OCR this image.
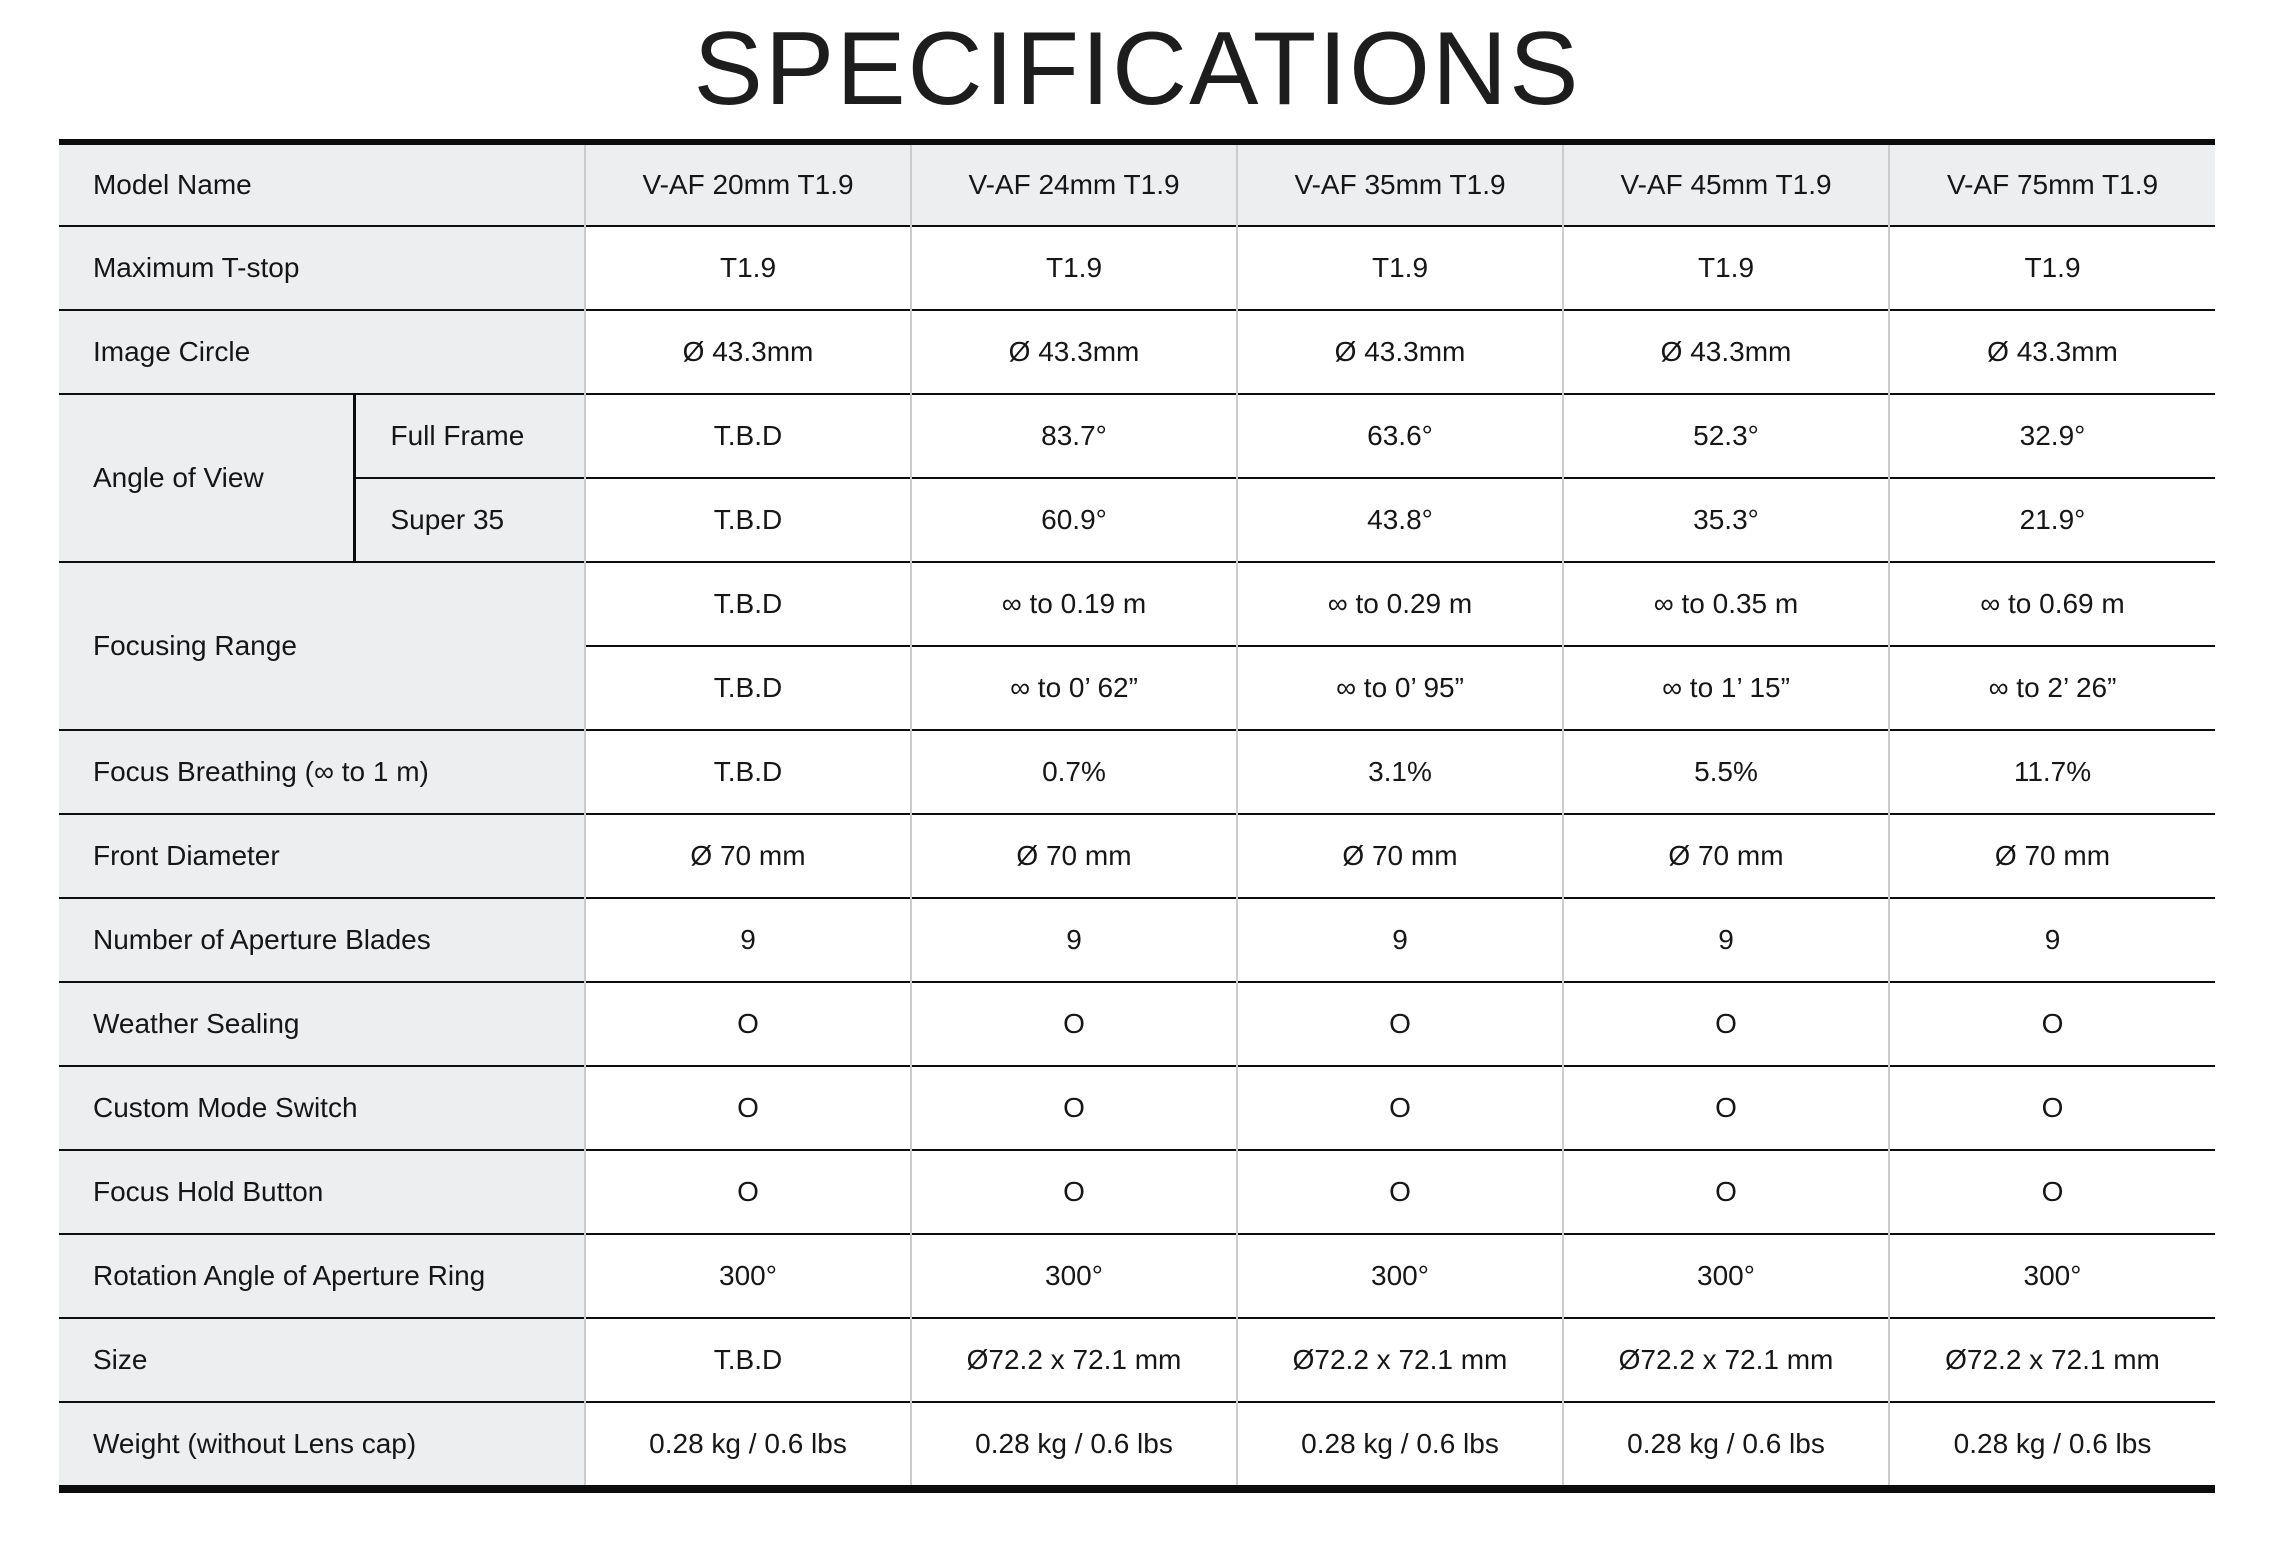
SPECIFICATIONS
Model Name		V-AF 20mm T1.9	V-AF 24mm T1.9	V-AF 35mm T1.9	V-AF 45mm T1.9	V-AF 75mm T1.9
Maximum T-stop		T1.9	T1.9	T1.9	T1.9	T1.9
Image Circle		Ø 43.3mm	Ø 43.3mm	Ø 43.3mm	Ø 43.3mm	Ø 43.3mm
Angle of View	Full Frame	T.B.D	83.7°	63.6°	52.3°	32.9°
	Super 35	T.B.D	60.9°	43.8°	35.3°	21.9°
Focusing Range		T.B.D	∞ to 0.19 m	∞ to 0.29 m	∞ to 0.35 m	∞ to 0.69 m
		T.B.D	∞ to 0’ 62”	∞ to 0’ 95”	∞ to 1’ 15”	∞ to 2’ 26”
Focus Breathing (∞ to 1 m)		T.B.D	0.7%	3.1%	5.5%	11.7%
Front Diameter		Ø 70 mm	Ø 70 mm	Ø 70 mm	Ø 70 mm	Ø 70 mm
Number of Aperture Blades		9	9	9	9	9
Weather Sealing		O	O	O	O	O
Custom Mode Switch		O	O	O	O	O
Focus Hold Button		O	O	O	O	O
Rotation Angle of Aperture Ring		300°	300°	300°	300°	300°
Size		T.B.D	Ø72.2 x 72.1 mm	Ø72.2 x 72.1 mm	Ø72.2 x 72.1 mm	Ø72.2 x 72.1 mm
Weight (without Lens cap)		0.28 kg / 0.6 lbs	0.28 kg / 0.6 lbs	0.28 kg / 0.6 lbs	0.28 kg / 0.6 lbs	0.28 kg / 0.6 lbs
